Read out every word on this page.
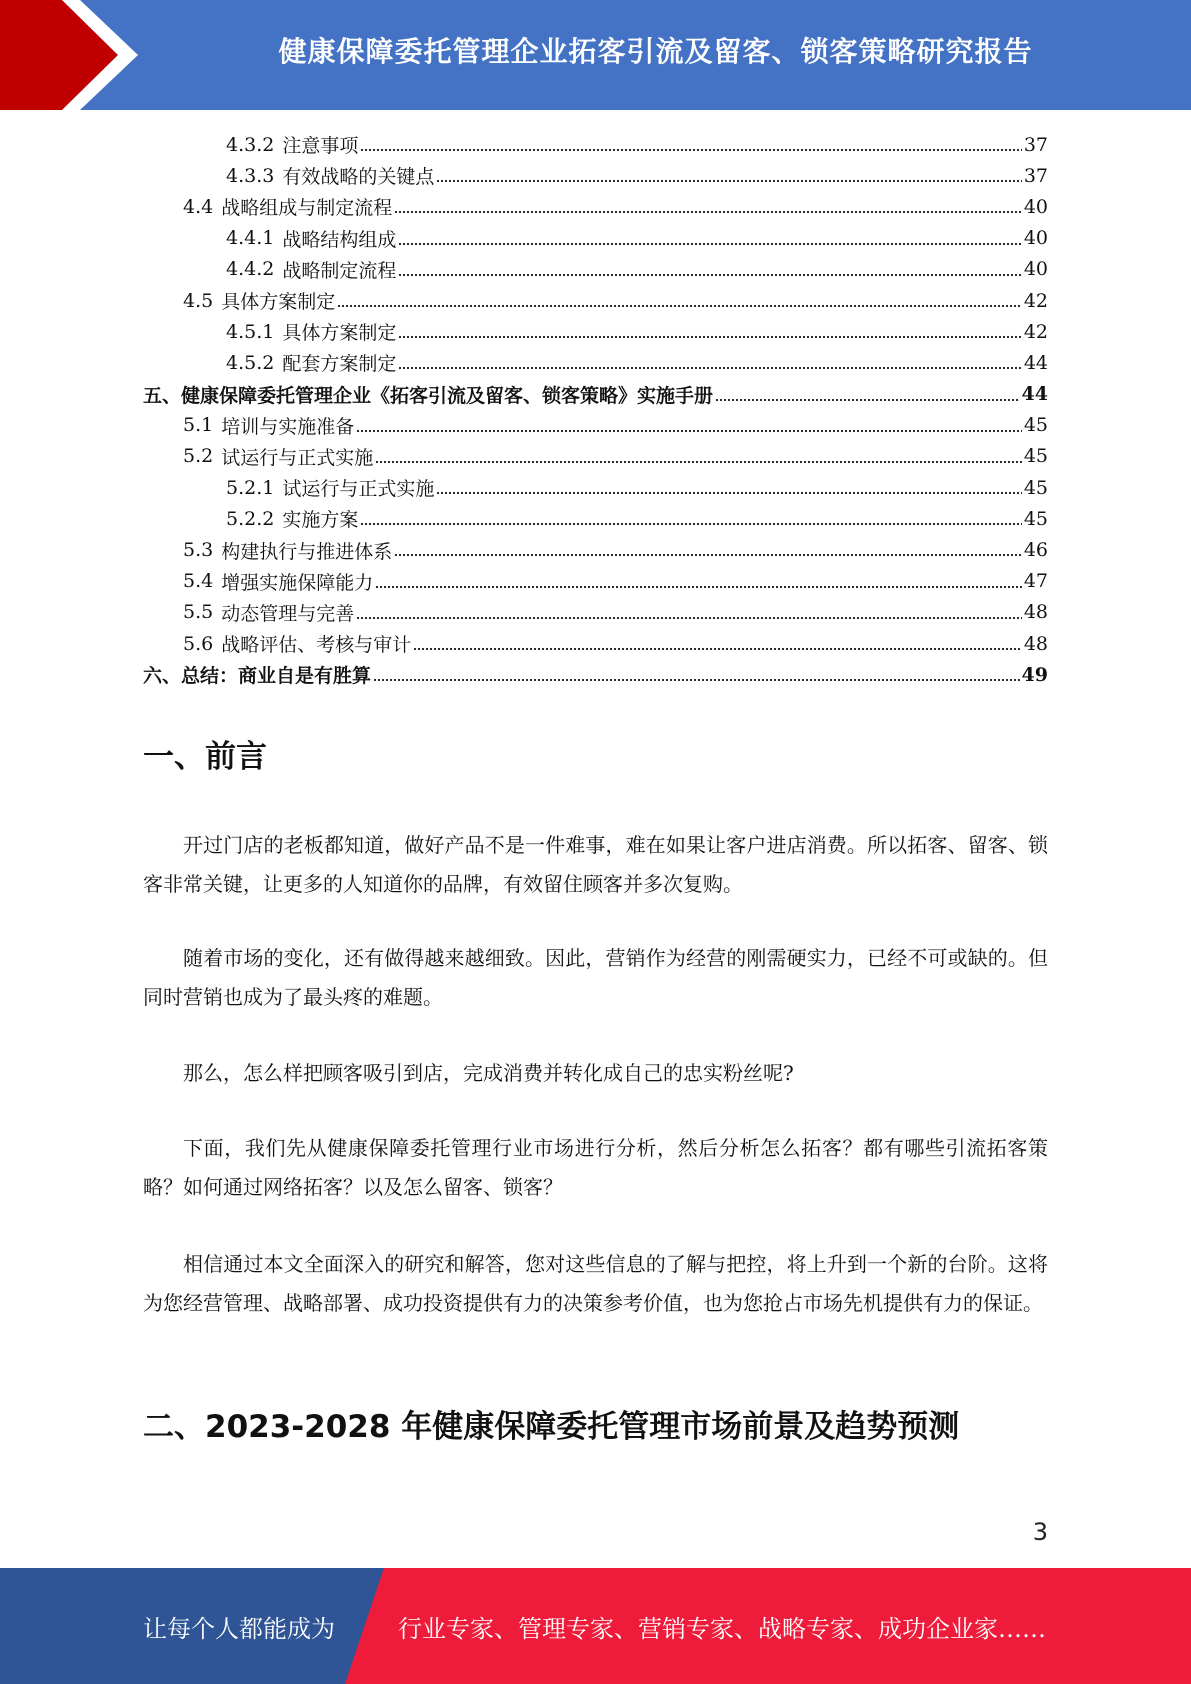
健康保障委托管理企业拓客引流及留客、锁客策略研究报告
4.3.2 注意事项	37
4.3.3 有效战略的关键点	37
4.4 战略组成与制定流程	40
4.4.1 战略结构组成	40
4.4.2 战略制定流程	40
4.5 具体方案制定	42
4.5.1 具体方案制定	42
4.5.2 配套方案制定	44
五、 健康保障委托管理企业《拓客引流及留客、锁客策略》实施手册	44
5.1 培训与实施准备	45
5.2 试运行与正式实施	45
5.2.1 试运行与正式实施	45
5.2.2 实施方案	45
5.3 构建执行与推进体系	46
5.4 增强实施保障能力	47
5.5 动态管理与完善	48
5.6 战略评估、考核与审计	48
六、 总结：商业自是有胜算	49
一、前言

开过门店的老板都知道，做好产品不是一件难事，难在如果让客户进店消费。所以拓客、留客、锁客非常关键，让更多的人知道你的品牌，有效留住顾客并多次复购。

随着市场的变化，还有做得越来越细致。因此，营销作为经营的刚需硬实力，已经不可或缺的。但同时营销也成为了最头疼的难题。

那么，怎么样把顾客吸引到店，完成消费并转化成自己的忠实粉丝呢?

下面，我们先从健康保障委托管理行业市场进行分析，然后分析怎么拓客？都有哪些引流拓客策略？如何通过网络拓客？以及怎么留客、锁客？

相信通过本文全面深入的研究和解答，您对这些信息的了解与把控，将上升到一个新的台阶。这将为您经营管理、战略部署、成功投资提供有力的决策参考价值，也为您抢占市场先机提供有力的保证。

二、2023-2028 年健康保障委托管理市场前景及趋势预测
3
让每个人都能成为	行业专家、管理专家、营销专家、战略专家、成功企业家……
